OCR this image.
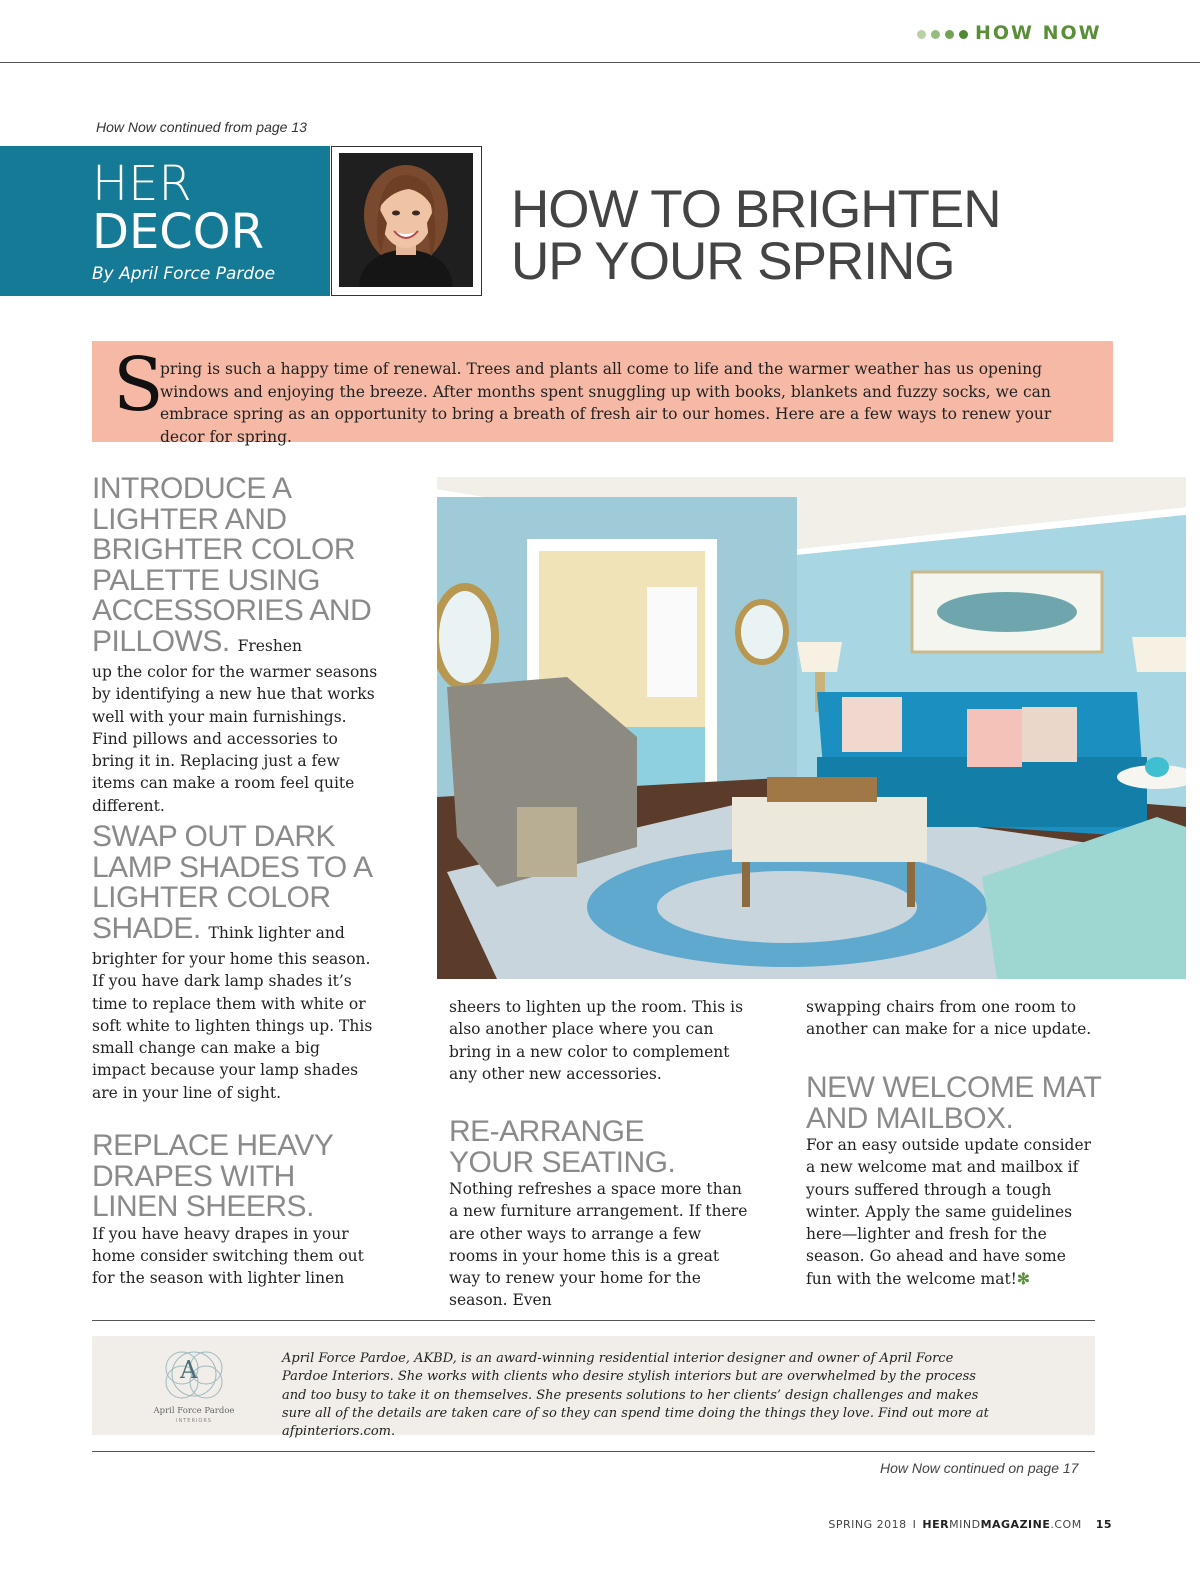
HOW NOW
How Now continued from page 13
HER
DECOR
By April Force Pardoe
HOW TO BRIGHTEN
UP YOUR SPRING
S
pring is such a happy time of renewal. Trees and plants all come to life and the warmer weather has us opening windows and enjoying the breeze. After months spent snuggling up with books, blankets and fuzzy socks, we can embrace spring as an opportunity to bring a breath of fresh air to our homes. Here are a few ways to renew your decor for spring.
INTRODUCE A LIGHTER AND BRIGHTER COLOR PALETTE USING ACCESSORIES AND PILLOWS. Freshen
up the color for the warmer seasons by identifying a new hue that works well with your main furnishings. Find pillows and accessories to bring it in. Replacing just a few items can make a room feel quite different.
SWAP OUT DARK LAMP SHADES TO A LIGHTER COLOR SHADE. Think lighter and
brighter for your home this season. If you have dark lamp shades it’s time to replace them with white or soft white to lighten things up. This small change can make a big impact because your lamp shades are in your line of sight.
REPLACE HEAVY DRAPES WITH LINEN SHEERS.
If you have heavy drapes in your home consider switching them out for the season with lighter linen
sheers to lighten up the room. This is also another place where you can bring in a new color to complement any other new accessories.
RE-ARRANGE YOUR SEATING.
Nothing refreshes a space more than a new furniture arrangement. If there are other ways to arrange a few rooms in your home this is a great way to renew your home for the season. Even
swapping chairs from one room to another can make for a nice update.
NEW WELCOME MAT AND MAILBOX.
For an easy outside update consider a new welcome mat and mailbox if yours suffered through a tough winter. Apply the same guidelines here—lighter and fresh for the season. Go ahead and have some fun with the welcome mat!✻
A
April Force Pardoe
INTERIORS
April Force Pardoe, AKBD, is an award-winning residential interior designer and owner of April Force Pardoe Interiors. She works with clients who desire stylish interiors but are overwhelmed by the process and too busy to take it on themselves. She presents solutions to her clients’ design challenges and makes sure all of the details are taken care of so they can spend time doing the things they love. Find out more at afpinteriors.com.
How Now continued on page 17
SPRING 2018 I HERMINDMAGAZINE.COM 15
